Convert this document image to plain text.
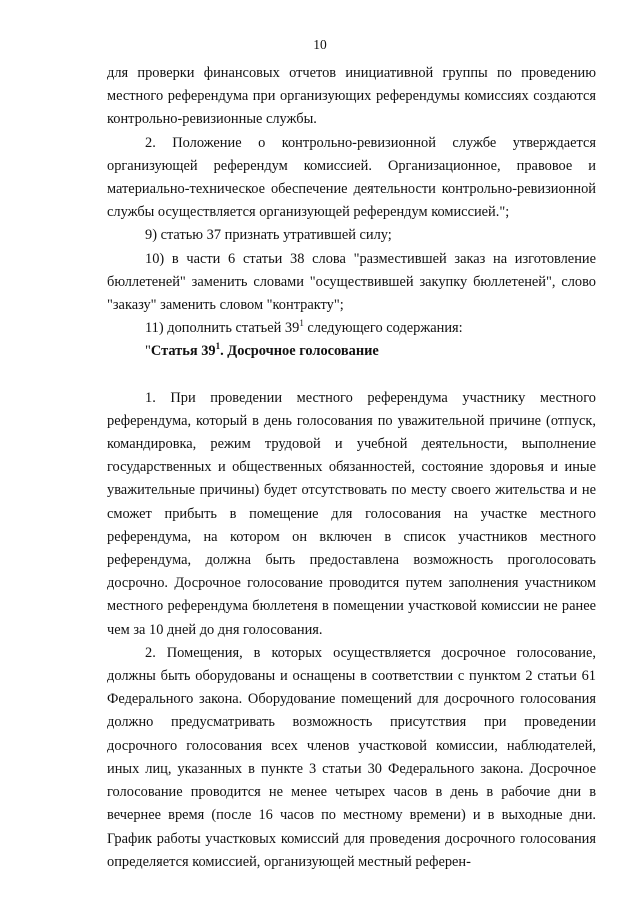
10

для проверки финансовых отчетов инициативной группы по проведению местного референдума при организующих референдумы комиссиях создаются контрольно-ревизионные службы.

2. Положение о контрольно-ревизионной службе утверждается организующей референдум комиссией. Организационное, правовое и материально-техническое обеспечение деятельности контрольно-ревизионной службы осуществляется организующей референдум комиссией.";

9) статью 37 признать утратившей силу;

10) в части 6 статьи 38 слова "разместившей заказ на изготовление бюллетеней" заменить словами "осуществившей закупку бюллетеней", слово "заказу" заменить словом "контракту";

11) дополнить статьей $39^1$ следующего содержания:

"Статья $39^1$. Досрочное голосование

1. При проведении местного референдума участнику местного референдума, который в день голосования по уважительной причине (отпуск, командировка, режим трудовой и учебной деятельности, выполнение государственных и общественных обязанностей, состояние здоровья и иные уважительные причины) будет отсутствовать по месту своего жительства и не сможет прибыть в помещение для голосования на участке местного референдума, на котором он включен в список участников местного референдума, должна быть предоставлена возможность проголосовать досрочно. Досрочное голосование проводится путем заполнения участником местного референдума бюллетеня в помещении участковой комиссии не ранее чем за 10 дней до дня голосования.

2. Помещения, в которых осуществляется досрочное голосование, должны быть оборудованы и оснащены в соответствии с пунктом 2 статьи 61 Федерального закона. Оборудование помещений для досрочного голосования должно предусматривать возможность присутствия при проведении досрочного голосования всех членов участковой комиссии, наблюдателей, иных лиц, указанных в пункте 3 статьи 30 Федерального закона. Досрочное голосование проводится не менее четырех часов в день в рабочие дни в вечернее время (после 16 часов по местному времени) и в выходные дни. График работы участковых комиссий для проведения досрочного голосования определяется комиссией, организующей местный референ-
